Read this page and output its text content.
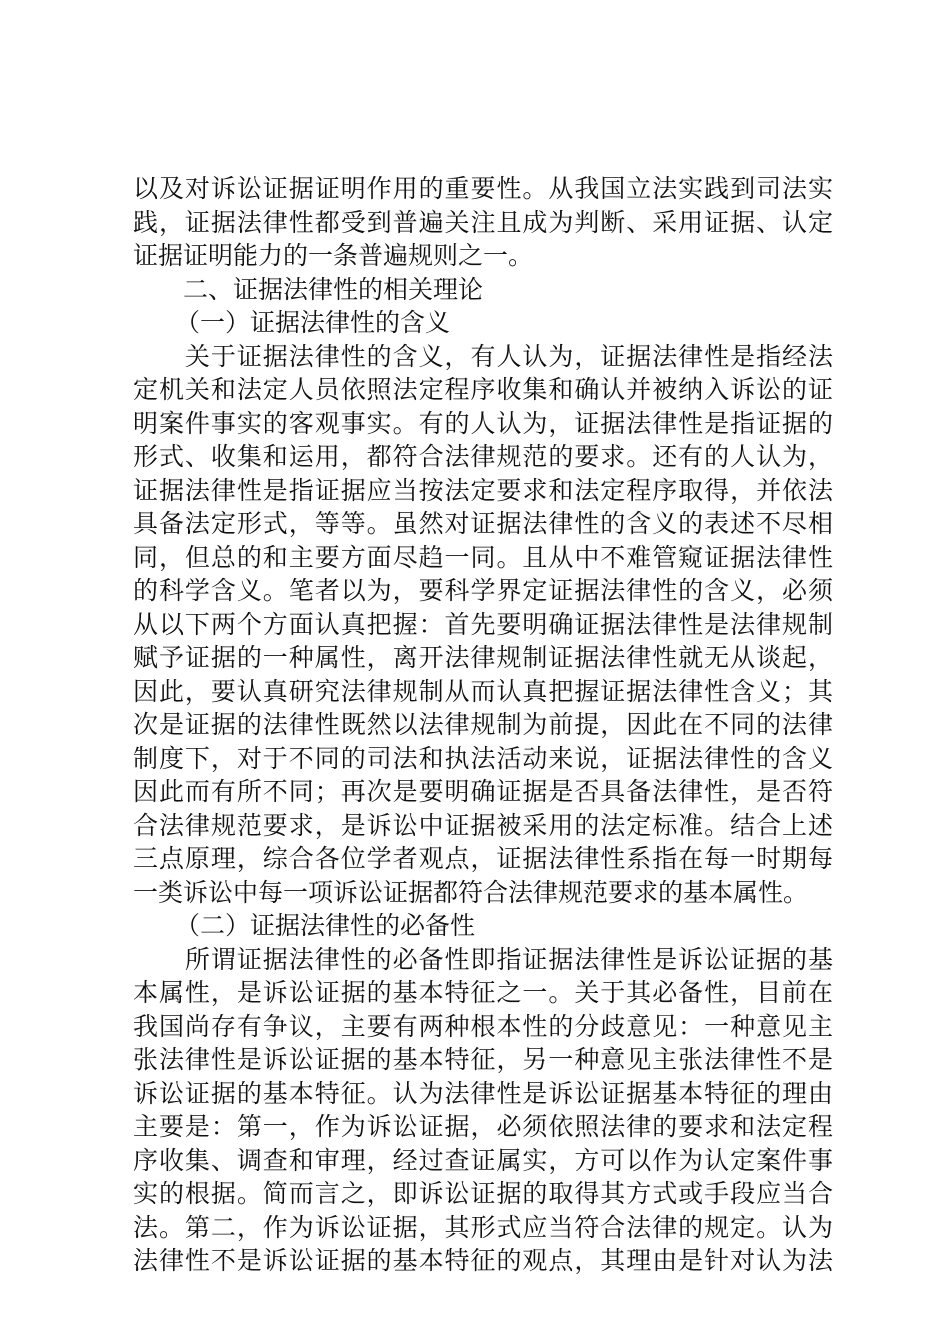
以及对诉讼证据证明作用的重要性。从我国立法实践到司法实
践，证据法律性都受到普遍关注且成为判断、采用证据、认定
证据证明能力的一条普遍规则之一。
二、证据法律性的相关理论
（一）证据法律性的含义
　　关于证据法律性的含义，有人认为，证据法律性是指经法
定机关和法定人员依照法定程序收集和确认并被纳入诉讼的证
明案件事实的客观事实。有的人认为，证据法律性是指证据的
形式、收集和运用，都符合法律规范的要求。还有的人认为，
证据法律性是指证据应当按法定要求和法定程序取得，并依法
具备法定形式，等等。虽然对证据法律性的含义的表述不尽相
同，但总的和主要方面尽趋一同。且从中不难管窥证据法律性
的科学含义。笔者以为，要科学界定证据法律性的含义，必须
从以下两个方面认真把握：首先要明确证据法律性是法律规制
赋予证据的一种属性，离开法律规制证据法律性就无从谈起，
因此，要认真研究法律规制从而认真把握证据法律性含义；其
次是证据的法律性既然以法律规制为前提，因此在不同的法律
制度下，对于不同的司法和执法活动来说，证据法律性的含义
因此而有所不同；再次是要明确证据是否具备法律性，是否符
合法律规范要求，是诉讼中证据被采用的法定标准。结合上述
三点原理，综合各位学者观点，证据法律性系指在每一时期每
一类诉讼中每一项诉讼证据都符合法律规范要求的基本属性。
（二）证据法律性的必备性
　　所谓证据法律性的必备性即指证据法律性是诉讼证据的基
本属性，是诉讼证据的基本特征之一。关于其必备性，目前在
我国尚存有争议，主要有两种根本性的分歧意见：一种意见主
张法律性是诉讼证据的基本特征，另一种意见主张法律性不是
诉讼证据的基本特征。认为法律性是诉讼证据基本特征的理由
主要是：第一，作为诉讼证据，必须依照法律的要求和法定程
序收集、调查和审理，经过查证属实，方可以作为认定案件事
实的根据。简而言之，即诉讼证据的取得其方式或手段应当合
法。第二，作为诉讼证据，其形式应当符合法律的规定。认为
法律性不是诉讼证据的基本特征的观点，其理由是针对认为法
